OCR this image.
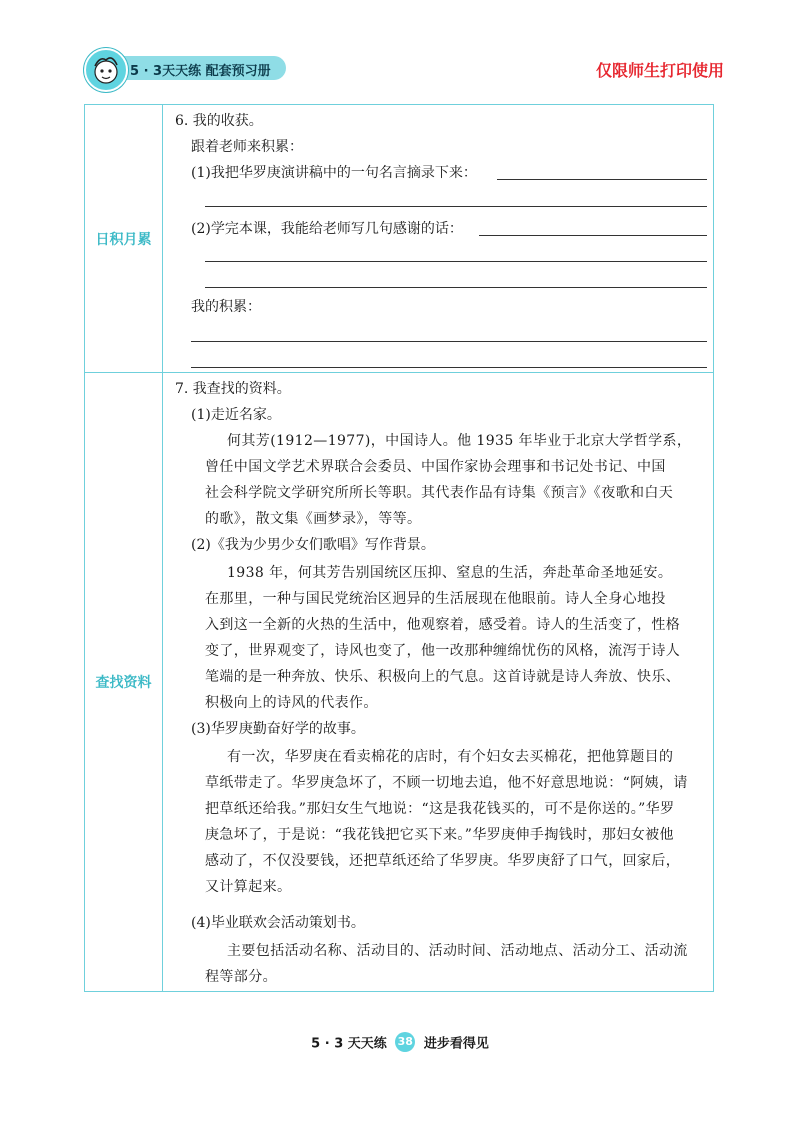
5 · 3天天练 配套预习册	仅限师生打印使用
日积月累
6. 我的收获。
跟着老师来积累：
(1)我把华罗庚演讲稿中的一句名言摘录下来：
(2)学完本课，我能给老师写几句感谢的话：
我的积累：
查找资料
7. 我查找的资料。
(1)走近名家。
何其芳(1912—1977)，中国诗人。他 1935 年毕业于北京大学哲学系，
曾任中国文学艺术界联合会委员、中国作家协会理事和书记处书记、中国
社会科学院文学研究所所长等职。其代表作品有诗集《预言》《夜歌和白天
的歌》，散文集《画梦录》，等等。
(2)《我为少男少女们歌唱》写作背景。
1938 年，何其芳告别国统区压抑、窒息的生活，奔赴革命圣地延安。
在那里，一种与国民党统治区迥异的生活展现在他眼前。诗人全身心地投
入到这一全新的火热的生活中，他观察着，感受着。诗人的生活变了，性格
变了，世界观变了，诗风也变了，他一改那种缠绵忧伤的风格，流泻于诗人
笔端的是一种奔放、快乐、积极向上的气息。这首诗就是诗人奔放、快乐、
积极向上的诗风的代表作。
(3)华罗庚勤奋好学的故事。
有一次，华罗庚在看卖棉花的店时，有个妇女去买棉花，把他算题目的
草纸带走了。华罗庚急坏了，不顾一切地去追，他不好意思地说：“阿姨，请
把草纸还给我。”那妇女生气地说：“这是我花钱买的，可不是你送的。”华罗
庚急坏了，于是说：“我花钱把它买下来。”华罗庚伸手掏钱时，那妇女被他
感动了，不仅没要钱，还把草纸还给了华罗庚。华罗庚舒了口气，回家后，
又计算起来。
(4)毕业联欢会活动策划书。
主要包括活动名称、活动目的、活动时间、活动地点、活动分工、活动流
程等部分。
5 · 3 天天练 38 进步看得见
